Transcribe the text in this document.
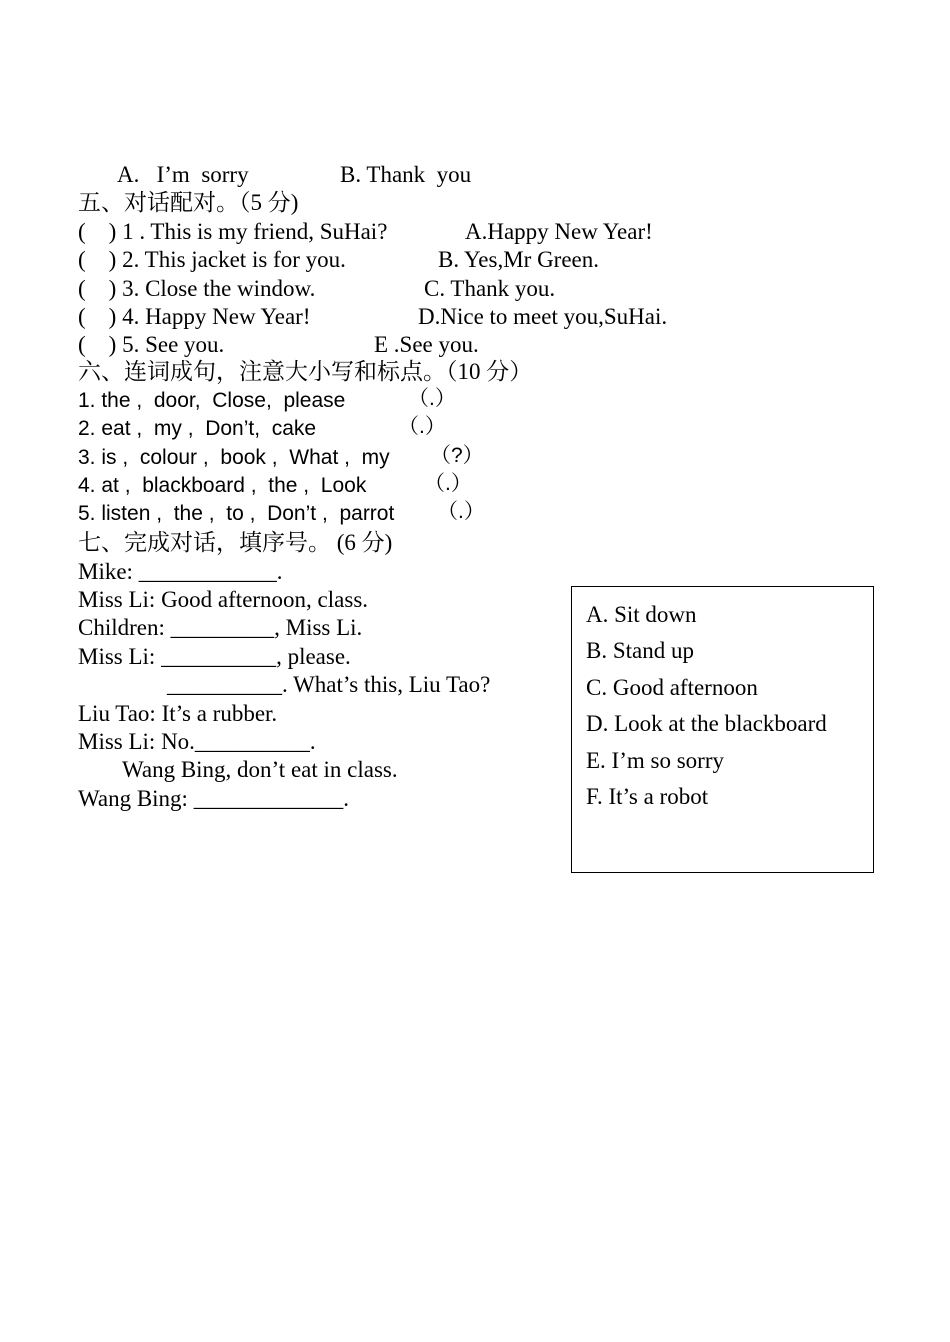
A.   I’m  sorry	B. Thank  you
五、对话配对。（5 分)
(    ) 1 . This is my friend, SuHai?	A.Happy New Year!
(    ) 2. This jacket is for you.	B. Yes,Mr Green.
(    ) 3. Close the window.	C. Thank you.
(    ) 4. Happy New Year!	D.Nice to meet you,SuHai.
(    ) 5. See you.	E .See you.
六、连词成句，注意大小写和标点。（10 分）
1. the ,  door,  Close,  please	（.）
2. eat ,  my ,  Don’t,  cake	（.）
3. is ,  colour ,  book ,  What ,  my （?）
4. at ,  blackboard ,  the ,  Look	（.）
5. listen ,  the ,  to ,  Don’t ,  parrot （.）
七、完成对话，填序号。 (6 分)
Mike: ____________.
Miss Li: Good afternoon, class.
Children: _________, Miss Li.
Miss Li: __________, please.
__________. What’s this, Liu Tao?
Liu Tao: It’s a rubber.
Miss Li: No.__________.
Wang Bing, don’t eat in class.
Wang Bing: _____________.
A. Sit down
B. Stand up
C. Good afternoon
D. Look at the blackboard
E. I’m so sorry
F. It’s a robot
